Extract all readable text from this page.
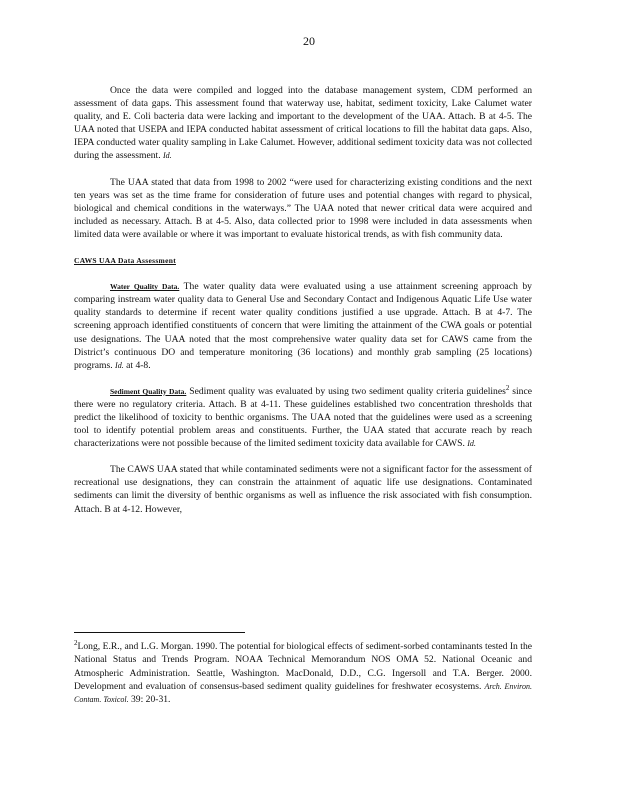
20

Once the data were compiled and logged into the database management system, CDM performed an assessment of data gaps. This assessment found that waterway use, habitat, sediment toxicity, Lake Calumet water quality, and E. Coli bacteria data were lacking and important to the development of the UAA. Attach. B at 4-5. The UAA noted that USEPA and IEPA conducted habitat assessment of critical locations to fill the habitat data gaps. Also, IEPA conducted water quality sampling in Lake Calumet. However, additional sediment toxicity data was not collected during the assessment. Id.

The UAA stated that data from 1998 to 2002 “were used for characterizing existing conditions and the next ten years was set as the time frame for consideration of future uses and potential changes with regard to physical, biological and chemical conditions in the waterways.” The UAA noted that newer critical data were acquired and included as necessary. Attach. B at 4-5. Also, data collected prior to 1998 were included in data assessments when limited data were available or where it was important to evaluate historical trends, as with fish community data.

CAWS UAA Data Assessment

Water Quality Data. The water quality data were evaluated using a use attainment screening approach by comparing instream water quality data to General Use and Secondary Contact and Indigenous Aquatic Life Use water quality standards to determine if recent water quality conditions justified a use upgrade. Attach. B at 4-7. The screening approach identified constituents of concern that were limiting the attainment of the CWA goals or potential use designations. The UAA noted that the most comprehensive water quality data set for CAWS came from the District’s continuous DO and temperature monitoring (36 locations) and monthly grab sampling (25 locations) programs. Id. at 4-8.

Sediment Quality Data. Sediment quality was evaluated by using two sediment quality criteria guidelines$^2$ since there were no regulatory criteria. Attach. B at 4-11. These guidelines established two concentration thresholds that predict the likelihood of toxicity to benthic organisms. The UAA noted that the guidelines were used as a screening tool to identify potential problem areas and constituents. Further, the UAA stated that accurate reach by reach characterizations were not possible because of the limited sediment toxicity data available for CAWS. Id.

The CAWS UAA stated that while contaminated sediments were not a significant factor for the assessment of recreational use designations, they can constrain the attainment of aquatic life use designations. Contaminated sediments can limit the diversity of benthic organisms as well as influence the risk associated with fish consumption. Attach. B at 4-12. However,

$^2$Long, E.R., and L.G. Morgan. 1990. The potential for biological effects of sediment-sorbed contaminants tested In the National Status and Trends Program. NOAA Technical Memorandum NOS OMA 52. National Oceanic and Atmospheric Administration. Seattle, Washington. MacDonald, D.D., C.G. Ingersoll and T.A. Berger. 2000. Development and evaluation of consensus-based sediment quality guidelines for freshwater ecosystems. Arch. Environ. Contam. Toxicol. 39: 20-31.
